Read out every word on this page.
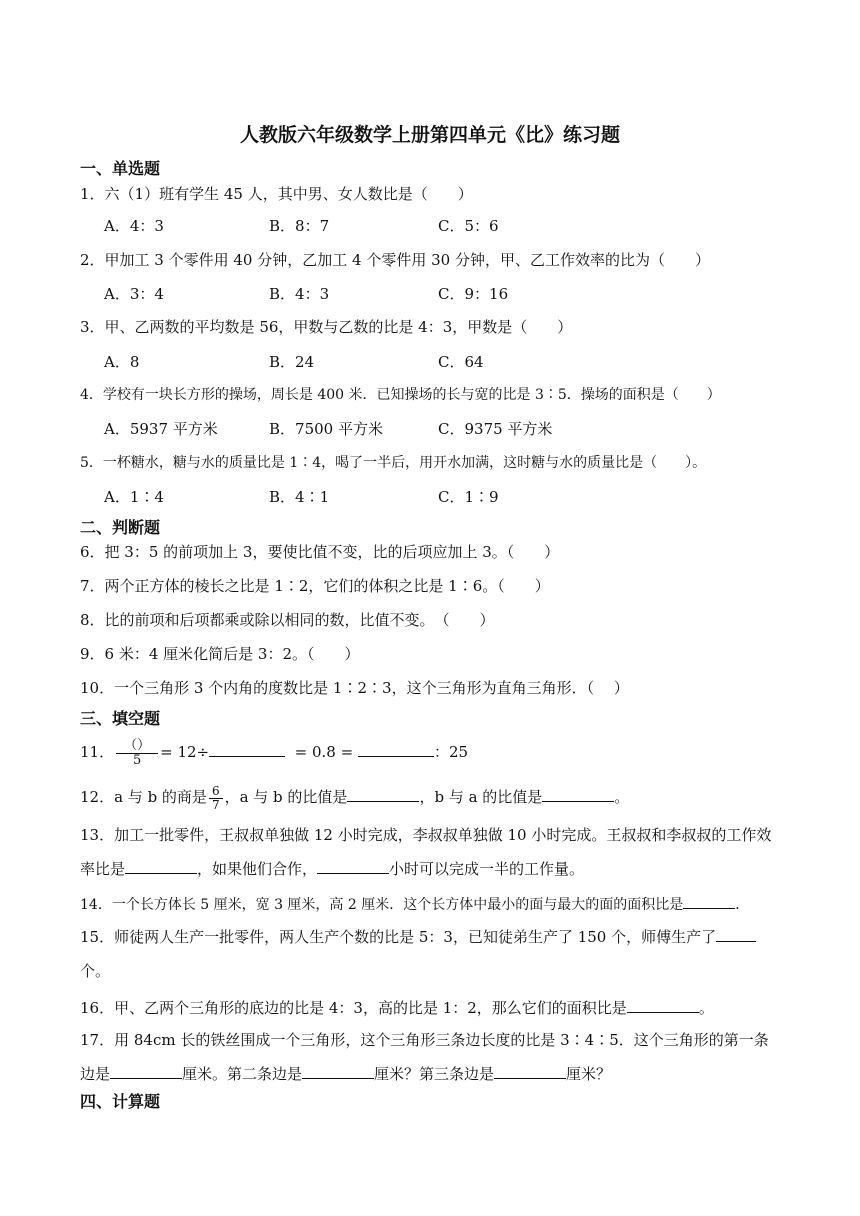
人教版六年级数学上册第四单元《比》练习题
一、单选题
1．六（1）班有学生 45 人，其中男、女人数比是（　　）
A．4：3	B．8：7	C．5：6
2．甲加工 3 个零件用 40 分钟，乙加工 4 个零件用 30 分钟，甲、乙工作效率的比为（　　）
A．3：4	B．4：3	C．9：16
3．甲、乙两数的平均数是 56，甲数与乙数的比是 4：3，甲数是（　　）
A．8	B．24	C．64
4．学校有一块长方形的操场，周长是 400 米．已知操场的长与宽的比是 3∶5．操场的面积是（　　）
A．5937 平方米	B．7500 平方米	C．9375 平方米
5．一杯糖水，糖与水的质量比是 1∶4，喝了一半后，用开水加满，这时糖与水的质量比是（　　）。
A．1∶4	B．4∶1	C．1∶9
二、判断题
6．把 3：5 的前项加上 3，要使比值不变，比的后项应加上 3。（　　）
7．两个正方体的棱长之比是 1∶2，它们的体积之比是 1∶6。（　　）
8．比的前项和后项都乘或除以相同的数，比值不变。　（　　）
9．6 米：4 厘米化简后是 3：2。（　　）
10．一个三角形 3 个内角的度数比是 1∶2∶3，这个三角形为直角三角形．（　 ）
三、填空题
11． $\frac{()}{5} = 12\div$	= 0.8 =	：25
12．a 与 b 的商是 $\frac{6}{7}$ ，a 与 b 的比值是	，b 与 a 的比值是	。
13．加工一批零件，王叔叔单独做 12 小时完成，李叔叔单独做 10 小时完成。王叔叔和李叔叔的工作效率比是	，如果他们合作，	小时可以完成一半的工作量。
14．一个长方体长 5 厘米，宽 3 厘米，高 2 厘米．这个长方体中最小的面与最大的面的面积比是	．
15．师徒两人生产一批零件，两人生产个数的比是 5：3，已知徒弟生产了 150 个，师傅生产了个。
16．甲、乙两个三角形的底边的比是 4：3，高的比是 1：2，那么它们的面积比是	。
17．用 84cm 长的铁丝围成一个三角形，这个三角形三条边长度的比是 3∶4∶5．这个三角形的第一条边是	厘米。第二条边是	厘米？第三条边是	厘米？
四、计算题
